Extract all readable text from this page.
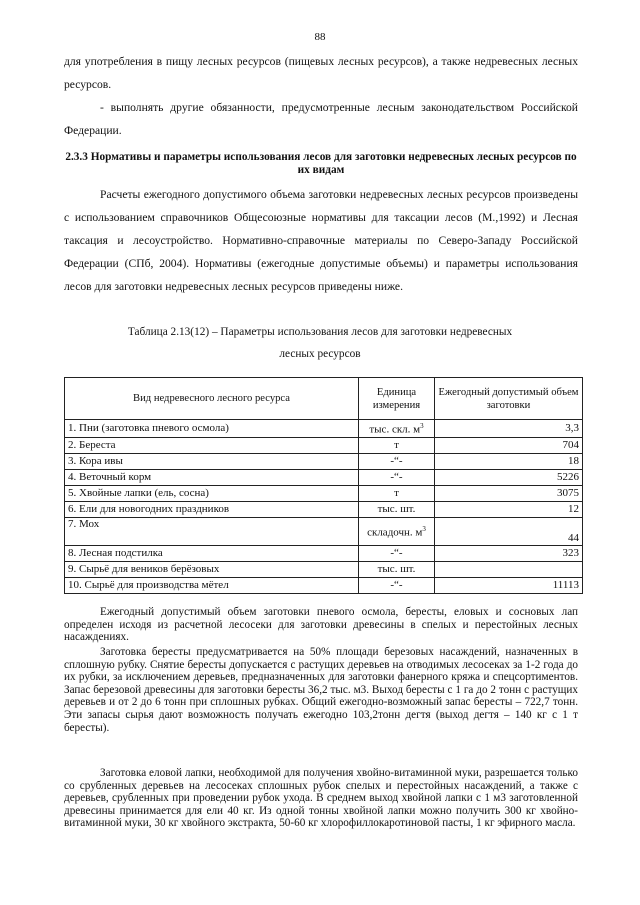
88
для употребления в пищу лесных ресурсов (пищевых лесных ресурсов), а также недревесных лесных ресурсов.
- выполнять другие обязанности, предусмотренные лесным законодательством Российской Федерации.
2.3.3 Нормативы и параметры использования лесов для заготовки недревесных лесных ресурсов по их видам
Расчеты ежегодного допустимого объема заготовки недревесных лесных ресурсов произведены с использованием справочников Общесоюзные нормативы для таксации лесов (М.,1992) и Лесная таксация и лесоустройство. Нормативно-справочные материалы по Северо-Западу Российской Федерации (СПб, 2004). Нормативы (ежегодные допустимые объемы) и параметры использования лесов для заготовки недревесных лесных ресурсов приведены ниже.
Таблица 2.13(12) – Параметры использования лесов для заготовки недревесных
лесных ресурсов
Вид недревесного лесного ресурса	Единица измерения	Ежегодный допустимый объем заготовки
1. Пни (заготовка пневого осмола)	тыс. скл. $м^3$	3,3
2. Береста	т	704
3. Кора ивы	-“-	18
4. Веточный корм	-“-	5226
5. Хвойные лапки (ель, сосна)	т	3075
6. Ели для новогодних праздников	тыс. шт.	12
7. Мох	складочн. $м^3$	44
8. Лесная подстилка	-“-	323
9. Сырьё для веников берёзовых	тыс. шт.	
10. Сырьё для производства мётел	-“-	11113
Ежегодный допустимый объем заготовки пневого осмола, бересты, еловых и сосновых лап определен исходя из расчетной лесосеки для заготовки древесины в спелых и перестойных лесных насаждениях.
Заготовка бересты предусматривается на 50% площади березовых насаждений, назначенных в сплошную рубку. Снятие бересты допускается с растущих деревьев на отводимых лесосеках за 1-2 года до их рубки, за исключением деревьев, предназначенных для заготовки фанерного кряжа и спецсортиментов. Запас березовой древесины для заготовки бересты 36,2 тыс. м3. Выход бересты с 1 га до 2 тонн с растущих деревьев и от 2 до 6 тонн при сплошных рубках. Общий ежегодно-возможный запас бересты – 722,7 тонн. Эти запасы сырья дают возможность получать ежегодно 103,2тонн дегтя (выход дегтя – 140 кг с 1 т бересты).
Заготовка еловой лапки, необходимой для получения хвойно-витаминной муки, разрешается только со срубленных деревьев на лесосеках сплошных рубок спелых и перестойных насаждений, а также с деревьев, срубленных при проведении рубок ухода. В среднем выход хвойной лапки с 1 м3 заготовленной древесины принимается для ели 40 кг. Из одной тонны хвойной лапки можно получить 300 кг хвойно-витаминной муки, 30 кг хвойного экстракта, 50-60 кг хлорофиллокаротиновой пасты, 1 кг эфирного масла.
